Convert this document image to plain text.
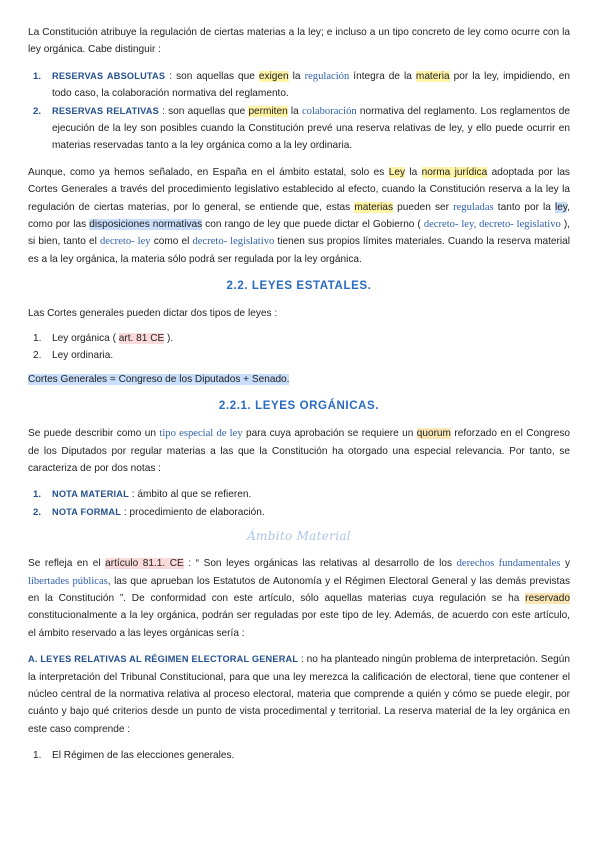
La Constitución atribuye la regulación de ciertas materias a la ley; e incluso a un tipo concreto de ley como ocurre con la ley orgánica. Cabe distinguir :

1. RESERVAS ABSOLUTAS : son aquellas que exigen la regulación íntegra de la materia por la ley, impidiendo, en todo caso, la colaboración normativa del reglamento.
2. RESERVAS RELATIVAS : son aquellas que permiten la colaboración normativa del reglamento. Los reglamentos de ejecución de la ley son posibles cuando la Constitución prevé una reserva relativas de ley, y ello puede ocurrir en materias reservadas tanto a la ley orgánica como a la ley ordinaria.

Aunque, como ya hemos señalado, en España en el ámbito estatal, solo es Ley la norma jurídica adoptada por las Cortes Generales a través del procedimiento legislativo establecido al efecto, cuando la Constitución reserva a la ley la regulación de ciertas materias, por lo general, se entiende que, estas materias pueden ser reguladas tanto por la ley, como por las disposiciones normativas con rango de ley que puede dictar el Gobierno ( decreto- ley, decreto- legislativo ), si bien, tanto el decreto- ley como el decreto- legislativo tienen sus propios límites materiales. Cuando la reserva material es a la ley orgánica, la materia sólo podrá ser regulada por la ley orgánica.

2.2. LEYES ESTATALES.

Las Cortes generales pueden dictar dos tipos de leyes :

1. Ley orgánica ( art. 81 CE ).
2. Ley ordinaria.

Cortes Generales = Congreso de los Diputados + Senado.

2.2.1. LEYES ORGÁNICAS.

Se puede describir como un tipo especial de ley para cuya aprobación se requiere un quorum reforzado en el Congreso de los Diputados por regular materias a las que la Constitución ha otorgado una especial relevancia. Por tanto, se caracteriza de por dos notas :

1. NOTA MATERIAL : ámbito al que se refieren.
2. NOTA FORMAL : procedimiento de elaboración.
Ámbito Material

Se refleja en el artículo 81.1. CE : “ Son leyes orgánicas las relativas al desarrollo de los derechos fundamentales y libertades públicas, las que aprueban los Estatutos de Autonomía y el Régimen Electoral General y las demás previstas en la Constitución ”. De conformidad con este artículo, sólo aquellas materias cuya regulación se ha reservado constitucionalmente a la ley orgánica, podrán ser reguladas por este tipo de ley. Además, de acuerdo con este artículo, el ámbito reservado a las leyes orgánicas sería :

A. LEYES RELATIVAS AL RÉGIMEN ELECTORAL GENERAL : no ha planteado ningún problema de interpretación. Según la interpretación del Tribunal Constitucional, para que una ley merezca la calificación de electoral, tiene que contener el núcleo central de la normativa relativa al proceso electoral, materia que comprende a quién y cómo se puede elegir, por cuánto y bajo qué criterios desde un punto de vista procedimental y territorial. La reserva material de la ley orgánica en este caso comprende :

1. El Régimen de las elecciones generales.
